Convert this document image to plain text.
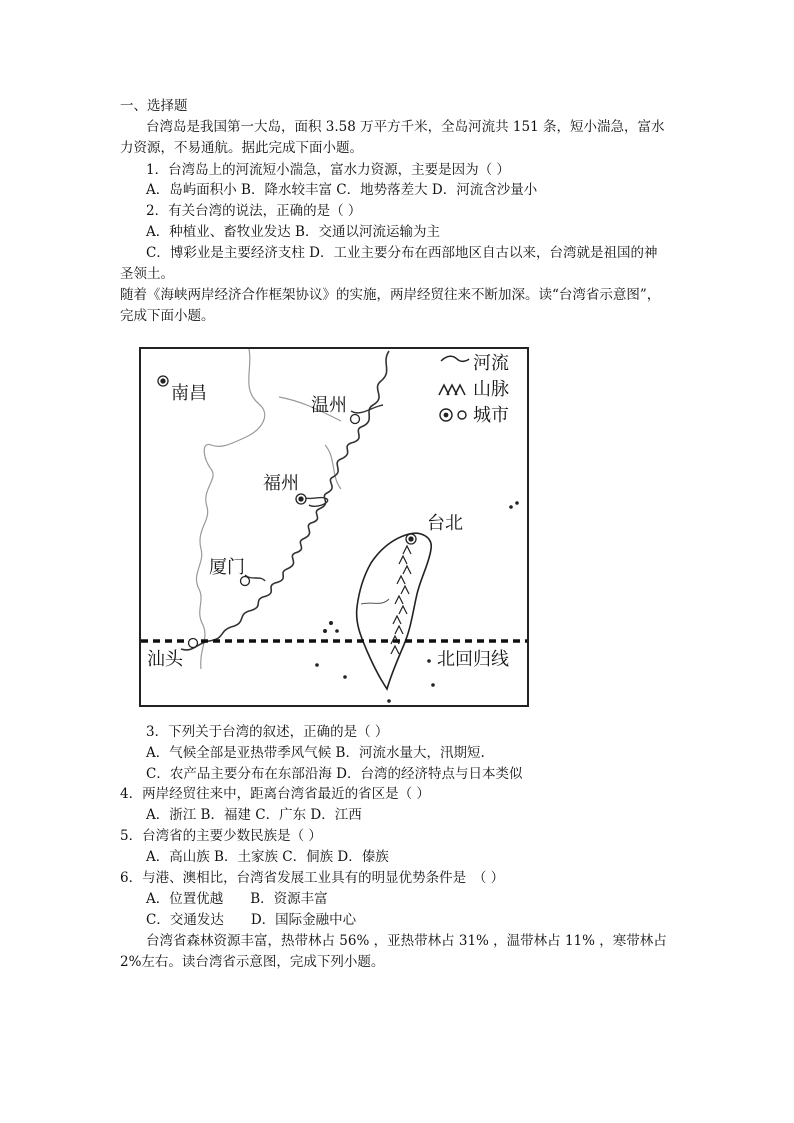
一、选择题
台湾岛是我国第一大岛，面积 3.58 万平方千米，全岛河流共 151 条，短小湍急，富水
力资源，不易通航。据此完成下面小题。
1．台湾岛上的河流短小湍急，富水力资源，主要是因为（ ）
A．岛屿面积小 B．降水较丰富 C．地势落差大 D．河流含沙量小
2．有关台湾的说法，正确的是（ ）
A．种植业、畜牧业发达 B．交通以河流运输为主
C．博彩业是主要经济支柱 D．工业主要分布在西部地区自古以来，台湾就是祖国的神
圣领土。
随着《海峡两岸经济合作框架协议》的实施，两岸经贸往来不断加深。读“台湾省示意图”，
完成下面小题。
河流
山脉
城市
南昌
温州
福州
台北
厦门
汕头	北回归线
3．下列关于台湾的叙述，正确的是（ ）
A．气候全部是亚热带季风气候 B．河流水量大，汛期短.
C．农产品主要分布在东部沿海 D．台湾的经济特点与日本类似
4．两岸经贸往来中，距离台湾省最近的省区是（ ）
A．浙江 B．福建 C．广东 D．江西
5．台湾省的主要少数民族是（ ）
A．高山族 B．土家族 C．侗族 D．傣族
6．与港、澳相比，台湾省发展工业具有的明显优势条件是　（ ）
A．位置优越　　B．资源丰富
C．交通发达　　D．国际金融中心
台湾省森林资源丰富，热带林占 56% ，亚热带林占 31% ，温带林占 11% ，寒带林占
2%左右。读台湾省示意图，完成下列小题。
